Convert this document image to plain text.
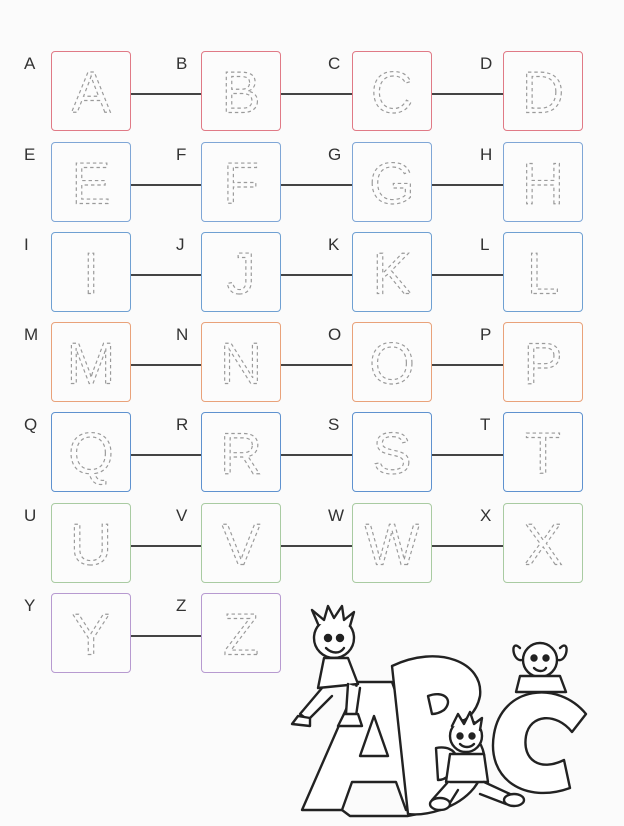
A A	B B	C C	D D
E E	F F	G G	H H
I I	J J	K K	L L
M M	N N	O O	P P
Q Q	R R	S S	T T
U U	V V	W W	X X
Y Y	Z Z
